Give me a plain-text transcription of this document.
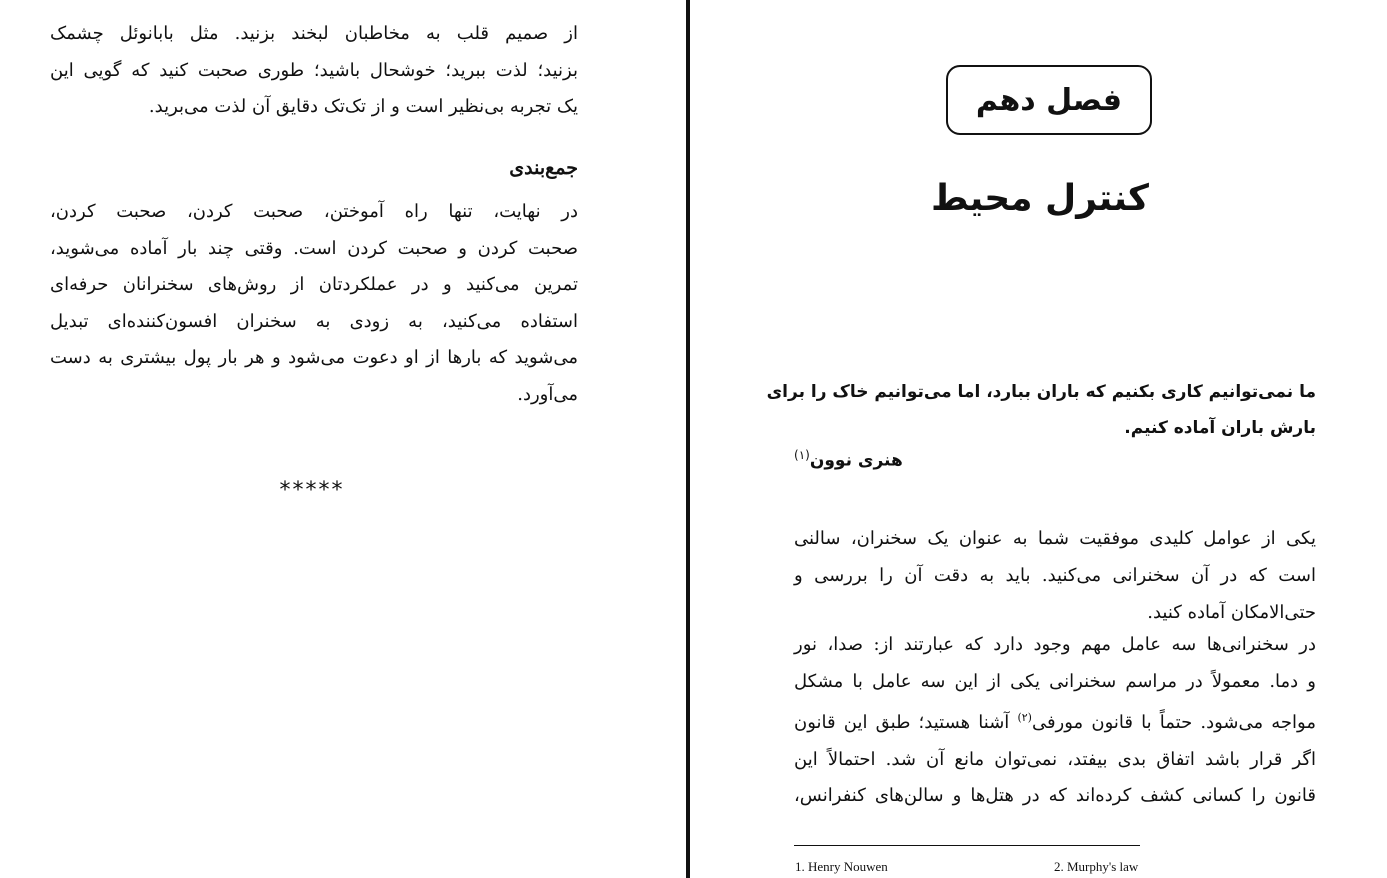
از صمیم قلب به مخاطبان لبخند بزنید. مثل بابانوئل چشمک

بزنید؛ لذت ببرید؛ خوشحال باشید؛ طوری صحبت کنید که گویی این

یک تجربه بی‌نظیر است و از تک‌تک دقایق آن لذت می‌برید.

جمع‌بندی

در نهایت، تنها راه آموختن، صحبت کردن، صحبت کردن،

صحبت کردن و صحبت کردن است. وقتی چند بار آماده می‌شوید،

تمرین می‌کنید و در عملکردتان از روش‌های سخنرانان حرفه‌ای

استفاده می‌کنید، به زودی به سخنران افسون‌کننده‌ای تبدیل

می‌شوید که بارها از او دعوت می‌شود و هر بار پول بیشتری به دست

می‌آورد.

*****

فصل دهم
کنترل محیط

ما نمی‌توانیم کاری بکنیم که باران ببارد، اما می‌توانیم خاک را برای

بارش باران آماده کنیم.

هنری نوون$^{(۱)}$

یکی از عوامل کلیدی موفقیت شما به عنوان یک سخنران، سالنی

است که در آن سخنرانی می‌کنید. باید به دقت آن را بررسی و

حتی‌الامکان آماده کنید.

در سخنرانی‌ها سه عامل مهم وجود دارد که عبارتند از: صدا، نور

و دما. معمولاً در مراسم سخنرانی یکی از این سه عامل با مشکل

مواجه می‌شود. حتماً با قانون مورفی$^{(۲)}$ آشنا هستید؛ طبق این قانون

اگر قرار باشد اتفاق بدی بیفتد، نمی‌توان مانع آن شد. احتمالاً این

قانون را کسانی کشف کرده‌اند که در هتل‌ها و سالن‌های کنفرانس،

1. Henry Nouwen	2. Murphy's law
